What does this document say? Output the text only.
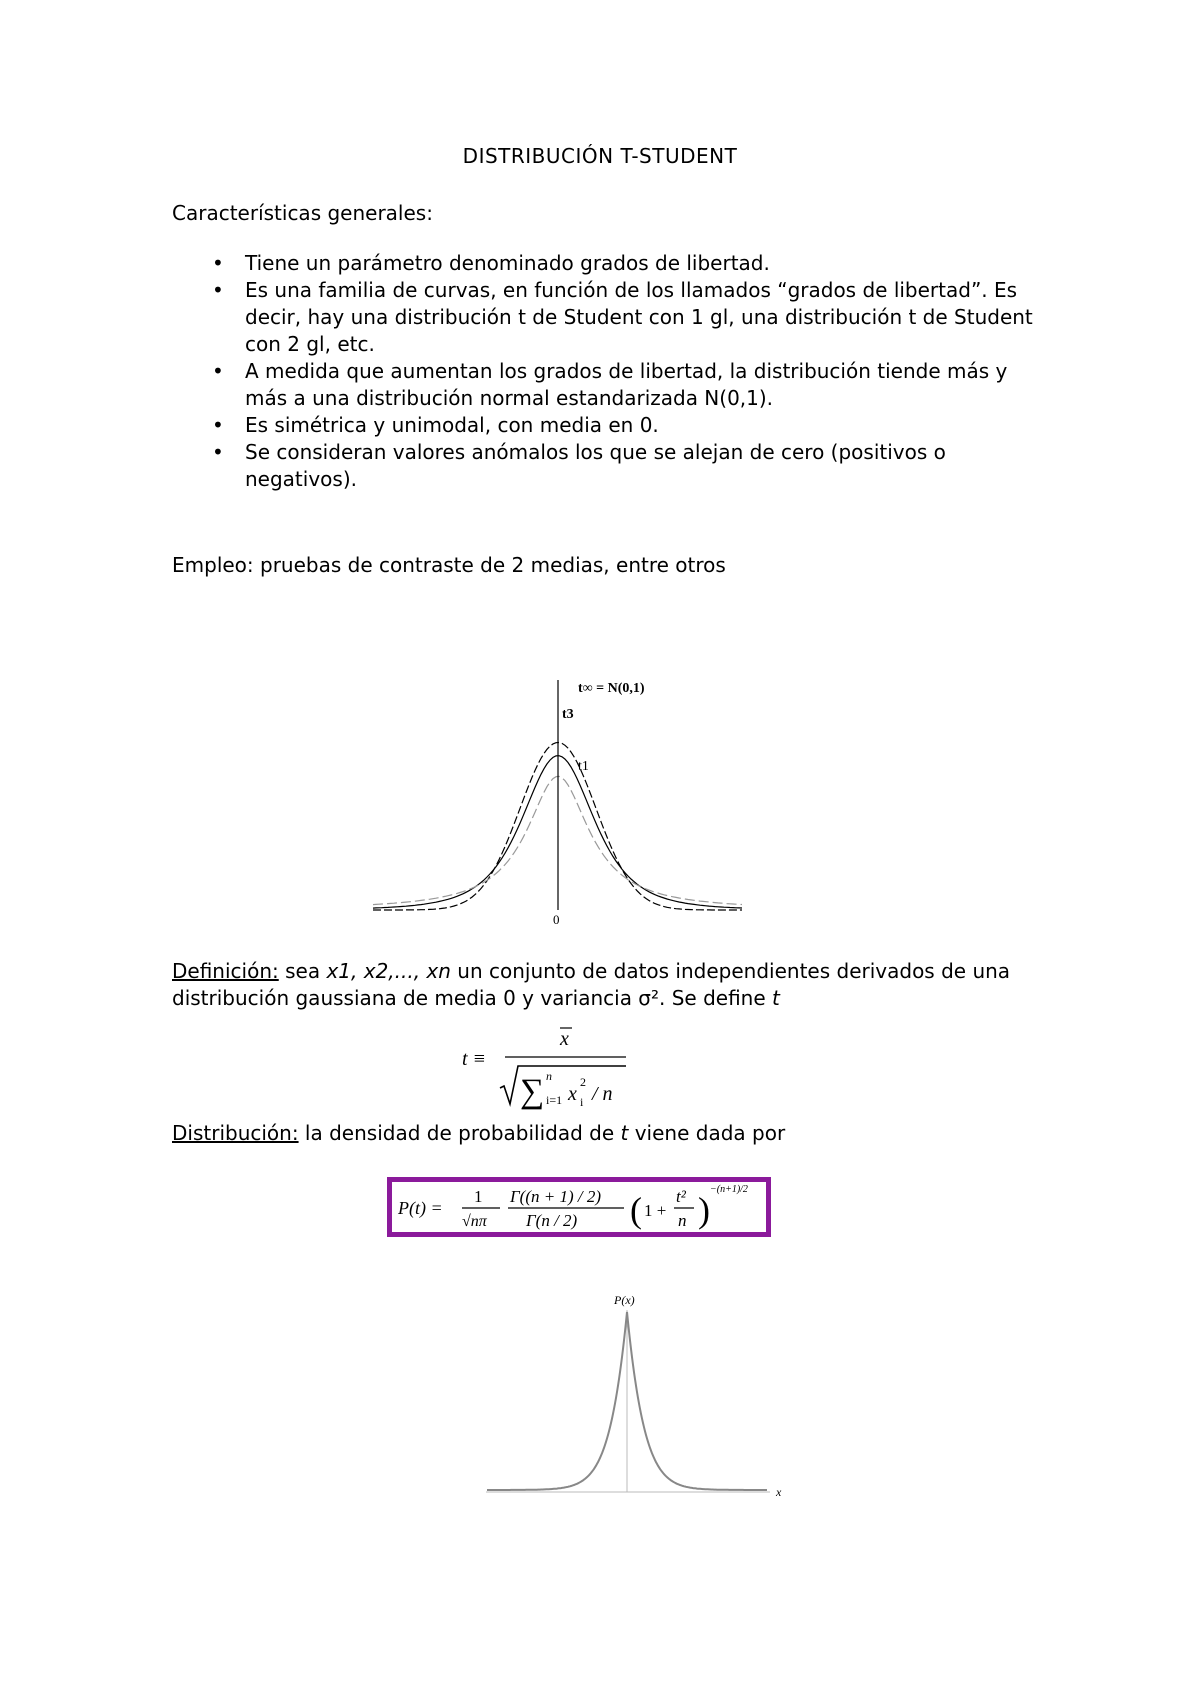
DISTRIBUCIÓN T-STUDENT
Características generales:
• Tiene un parámetro denominado grados de libertad.
• Es una familia de curvas, en función de los llamados “grados de libertad”. Es decir, hay una distribución t de Student con 1 gl, una distribución t de Student con 2 gl, etc.
• A medida que aumentan los grados de libertad, la distribución tiende más y más a una distribución normal estandarizada N(0,1).
• Es simétrica y unimodal, con media en 0.
• Se consideran valores anómalos los que se alejan de cero (positivos o negativos).
Empleo: pruebas de contraste de 2 medias, entre otros
t∞ = N(0,1)
t3
t1
0
Definición: sea x1, x2,..., xn un conjunto de datos independientes derivados de una distribución gaussiana de media 0 y variancia σ². Se define t
t ≡
x
∑ n
i=1 x
2
i / n
Distribución: la densidad de probabilidad de t viene dada por
P(t) =
1
√nπ
Γ((n + 1) / 2)
Γ(n / 2) ( 1 +
t²
n )
−(n+1)/2
P(x)
x
